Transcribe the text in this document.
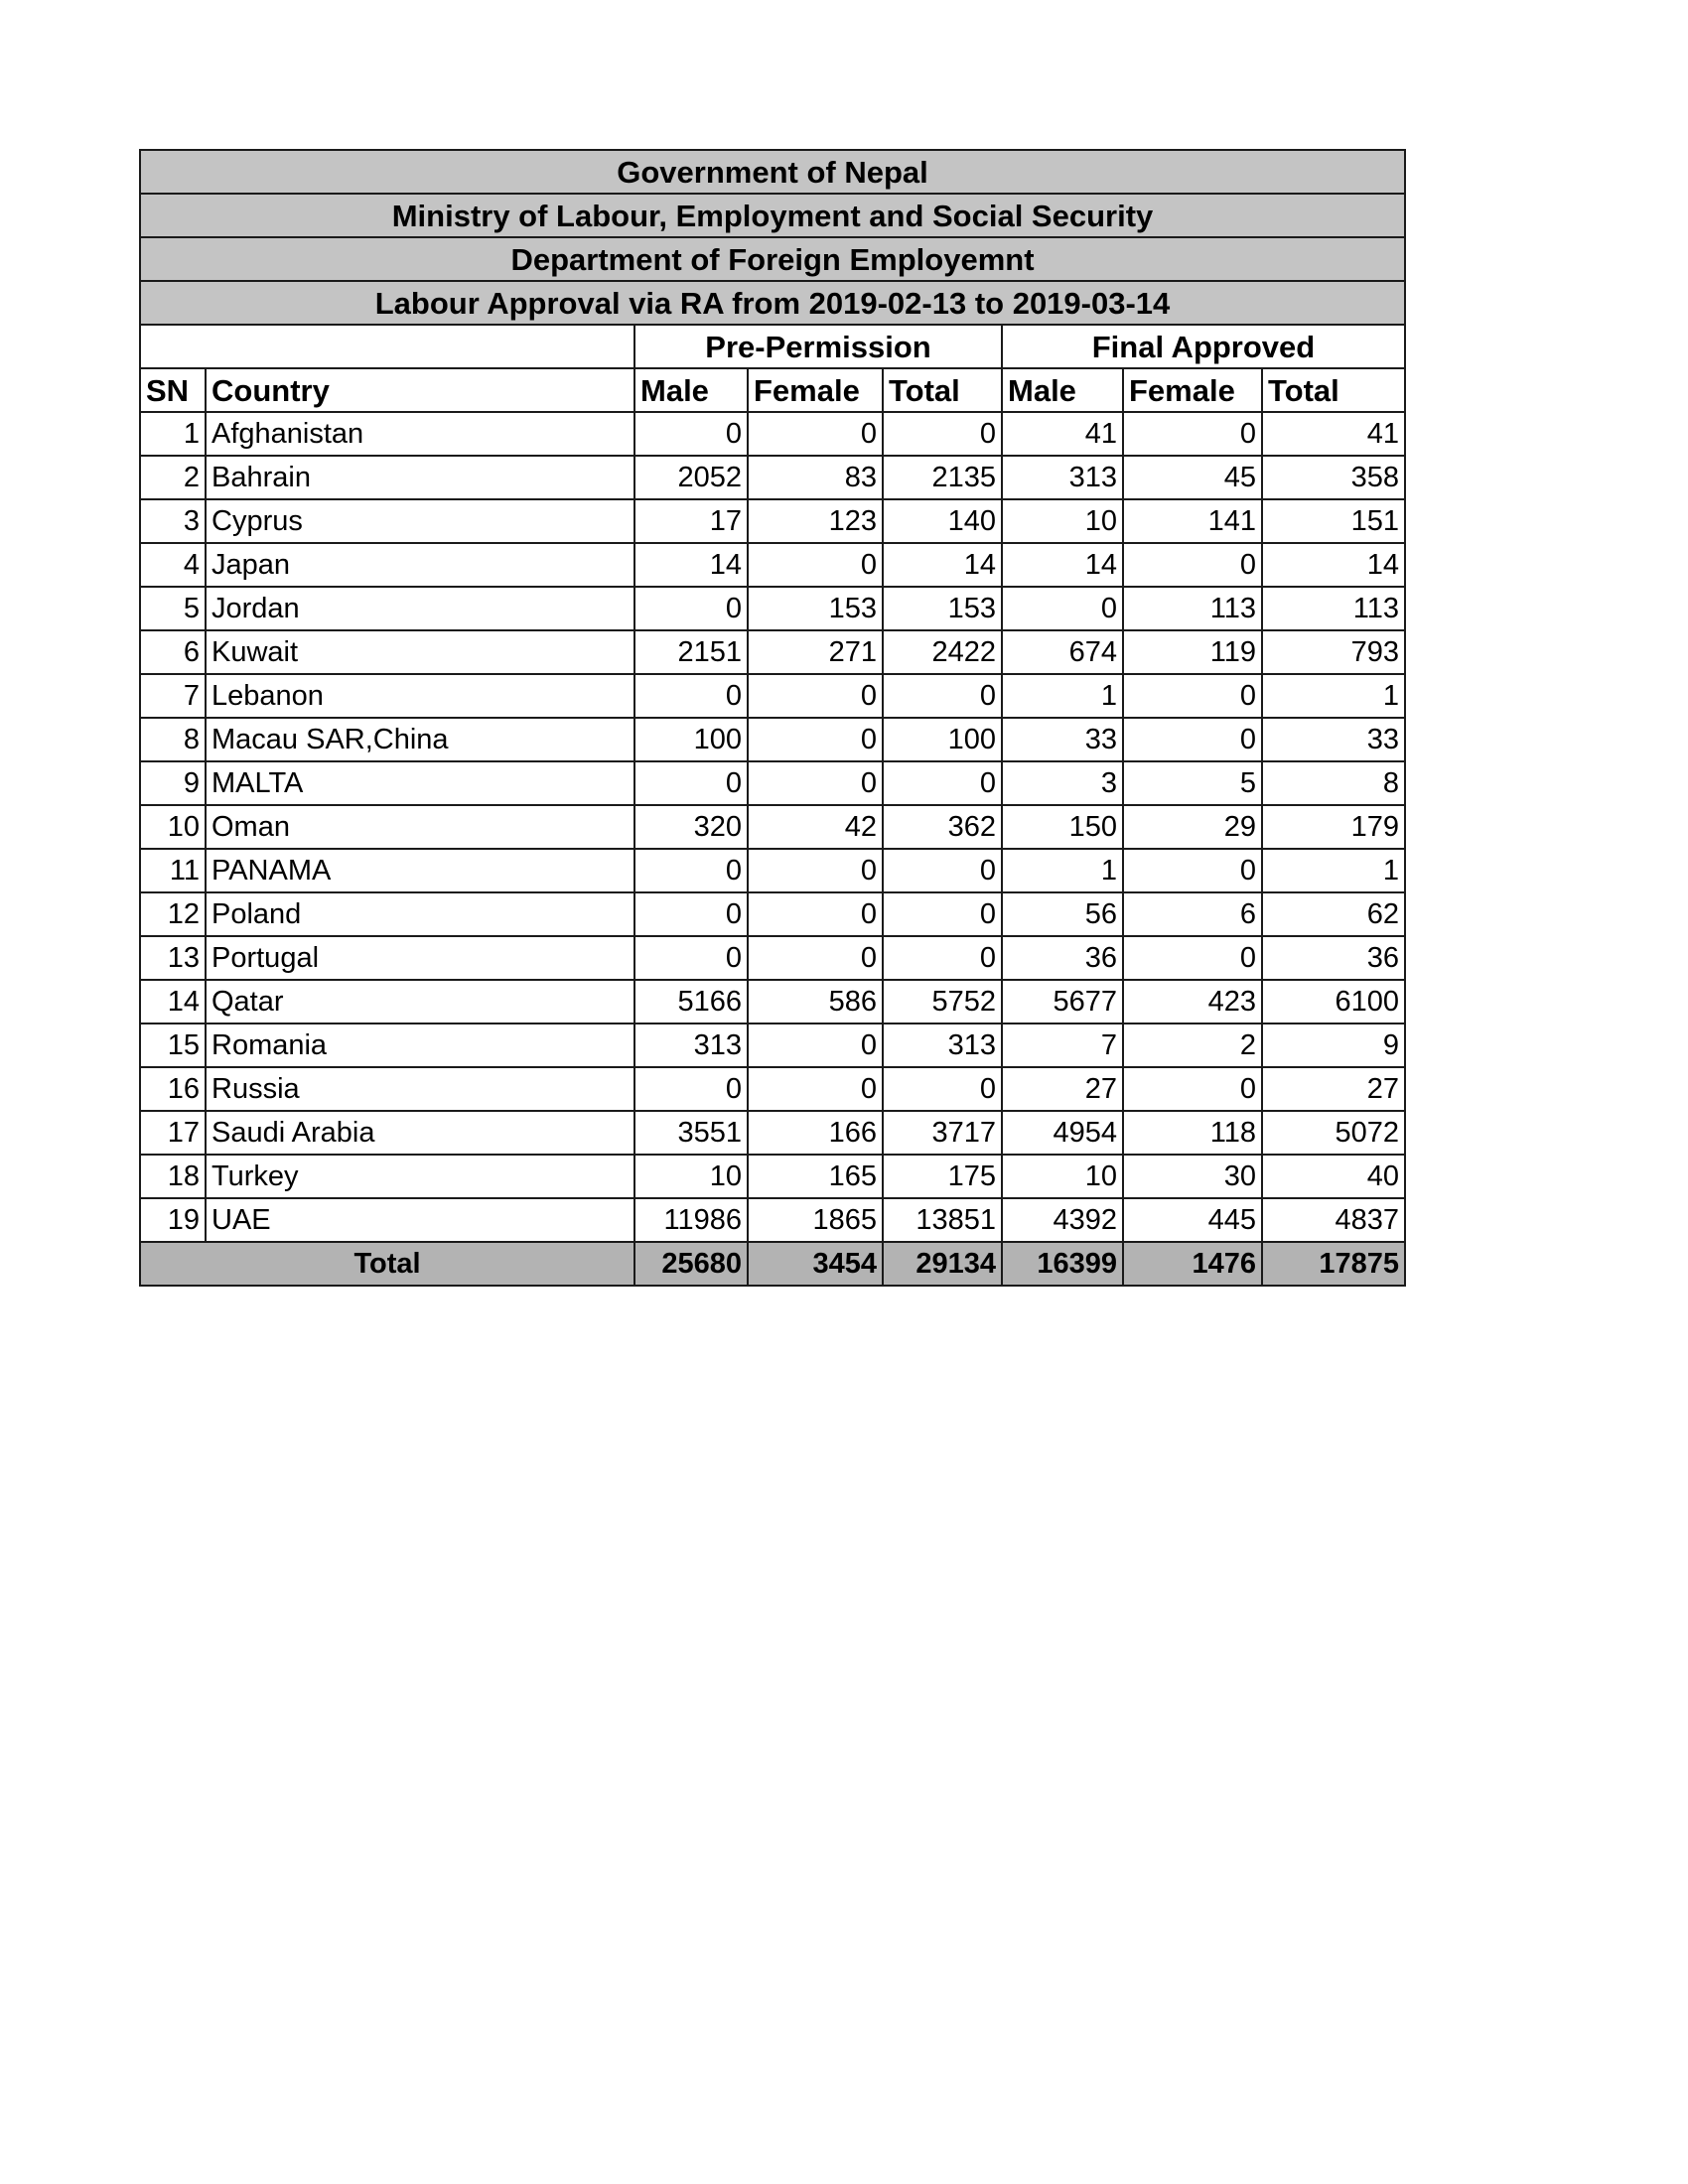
Government of Nepal							
Ministry of Labour, Employment and Social Security							
Department of Foreign Employemnt							
Labour Approval via RA from 2019-02-13 to 2019-03-14							
		Pre-Permission			Final Approved		
SN	Country	Male	Female	Total	Male	Female	Total
1	Afghanistan	0	0	0	41	0	41
2	Bahrain	2052	83	2135	313	45	358
3	Cyprus	17	123	140	10	141	151
4	Japan	14	0	14	14	0	14
5	Jordan	0	153	153	0	113	113
6	Kuwait	2151	271	2422	674	119	793
7	Lebanon	0	0	0	1	0	1
8	Macau SAR,China	100	0	100	33	0	33
9	MALTA	0	0	0	3	5	8
10	Oman	320	42	362	150	29	179
11	PANAMA	0	0	0	1	0	1
12	Poland	0	0	0	56	6	62
13	Portugal	0	0	0	36	0	36
14	Qatar	5166	586	5752	5677	423	6100
15	Romania	313	0	313	7	2	9
16	Russia	0	0	0	27	0	27
17	Saudi Arabia	3551	166	3717	4954	118	5072
18	Turkey	10	165	175	10	30	40
19	UAE	11986	1865	13851	4392	445	4837
Total		25680	3454	29134	16399	1476	17875
